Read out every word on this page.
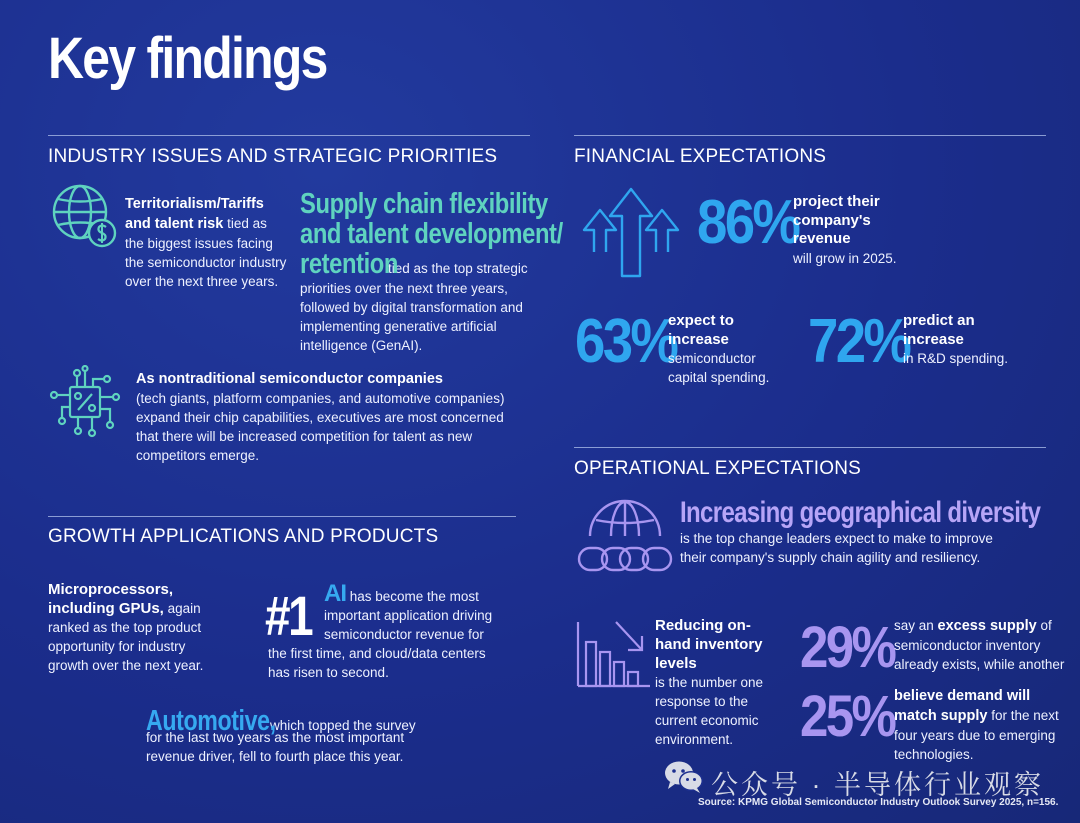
Key findings
INDUSTRY ISSUES AND STRATEGIC PRIORITIES
Territorialism/Tariffs and talent risk tied as the biggest issues facing the semiconductor industry over the next three years.
Supply chain flexibility
and talent development/

retentiontied as the top strategic
priorities over the next three years, followed by digital transformation and implementing generative artificial intelligence (GenAI).
As nontraditional semiconductor companies
(tech giants, platform companies, and automotive companies) expand their chip capabilities, executives are most concerned that there will be increased competition for talent as new competitors emerge.
GROWTH APPLICATIONS AND PRODUCTS
Microprocessors, including GPUs, again ranked as the top product opportunity for industry growth over the next year.
#1 AI has become the most
important application driving
semiconductor revenue for
the first time, and cloud/data centers has risen to second.
Automotive,which topped the survey
for the last two years as the most important revenue driver, fell to fourth place this year.
FINANCIAL EXPECTATIONS
86%
project their company's revenue
will grow in 2025.
63%
expect to increase
semiconductor capital spending.
72%
predict an increase
in R&D spending.
OPERATIONAL EXPECTATIONS
Increasing geographical diversity
is the top change leaders expect to make to improve their company's supply chain agility and resiliency.
Reducing on-hand inventory levels
is the number one response to the current economic environment.
29% say an excess supply of semiconductor inventory already exists, while another
25% believe demand will match supply for the next four years due to emerging technologies.
公众号 · 半导体行业观察
Source: KPMG Global Semiconductor Industry Outlook Survey 2025, n=156.
